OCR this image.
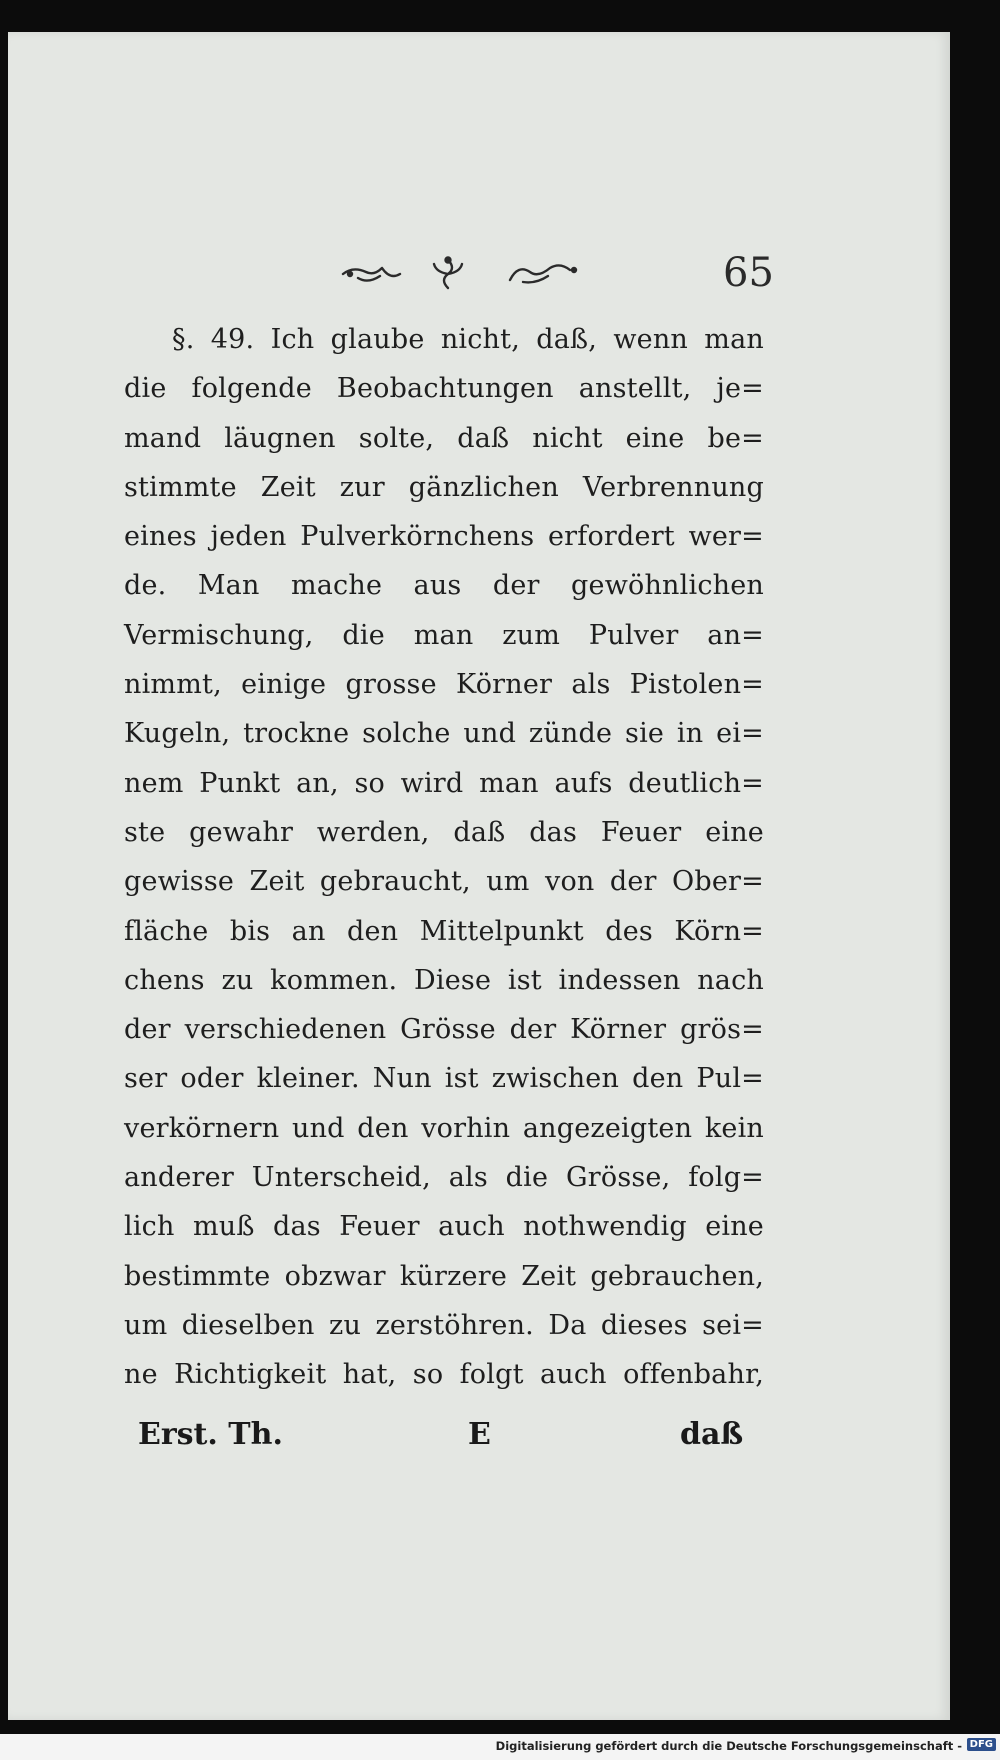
65
§. 49. Ich glaube nicht, daß, wenn man
die folgende Beobachtungen anstellt, je=
mand läugnen solte, daß nicht eine be=
stimmte Zeit zur gänzlichen Verbrennung
eines jeden Pulverkörnchens erfordert wer=
de. Man mache aus der gewöhnlichen
Vermischung, die man zum Pulver an=
nimmt, einige grosse Körner als Pistolen=
Kugeln, trockne solche und zünde sie in ei=
nem Punkt an, so wird man aufs deutlich=
ste gewahr werden, daß das Feuer eine
gewisse Zeit gebraucht, um von der Ober=
fläche bis an den Mittelpunkt des Körn=
chens zu kommen. Diese ist indessen nach
der verschiedenen Grösse der Körner grös=
ser oder kleiner. Nun ist zwischen den Pul=
verkörnern und den vorhin angezeigten kein
anderer Unterscheid, als die Grösse, folg=
lich muß das Feuer auch nothwendig eine
bestimmte obzwar kürzere Zeit gebrauchen,
um dieselben zu zerstöhren. Da dieses sei=
ne Richtigkeit hat, so folgt auch offenbahr,
Erst. Th.	E	daß
Digitalisierung gefördert durch die Deutsche Forschungsgemeinschaft - DFG
